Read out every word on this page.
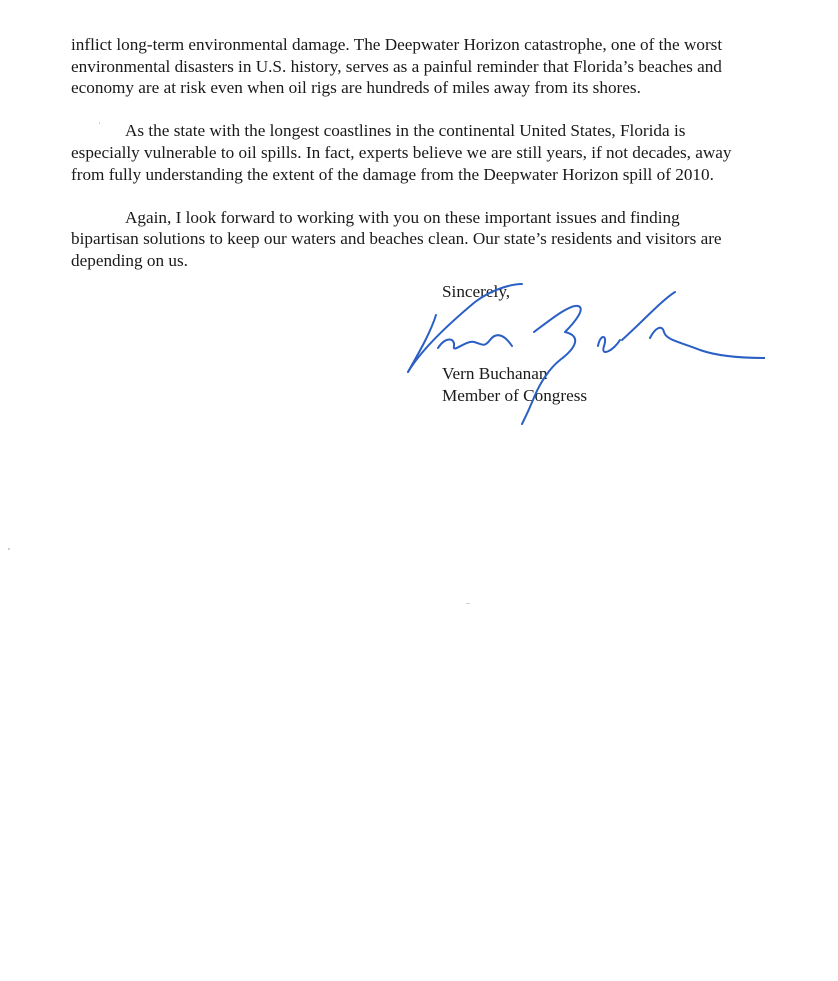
inflict long-term environmental damage. The Deepwater Horizon catastrophe, one of the worst
environmental disasters in U.S. history, serves as a painful reminder that Florida’s beaches and
economy are at risk even when oil rigs are hundreds of miles away from its shores.

As the state with the longest coastlines in the continental United States, Florida is
especially vulnerable to oil spills. In fact, experts believe we are still years, if not decades, away
from fully understanding the extent of the damage from the Deepwater Horizon spill of 2010.

Again, I look forward to working with you on these important issues and finding
bipartisan solutions to keep our waters and beaches clean. Our state’s residents and visitors are
depending on us.

Sincerely,
Vern Buchanan
Member of Congress
